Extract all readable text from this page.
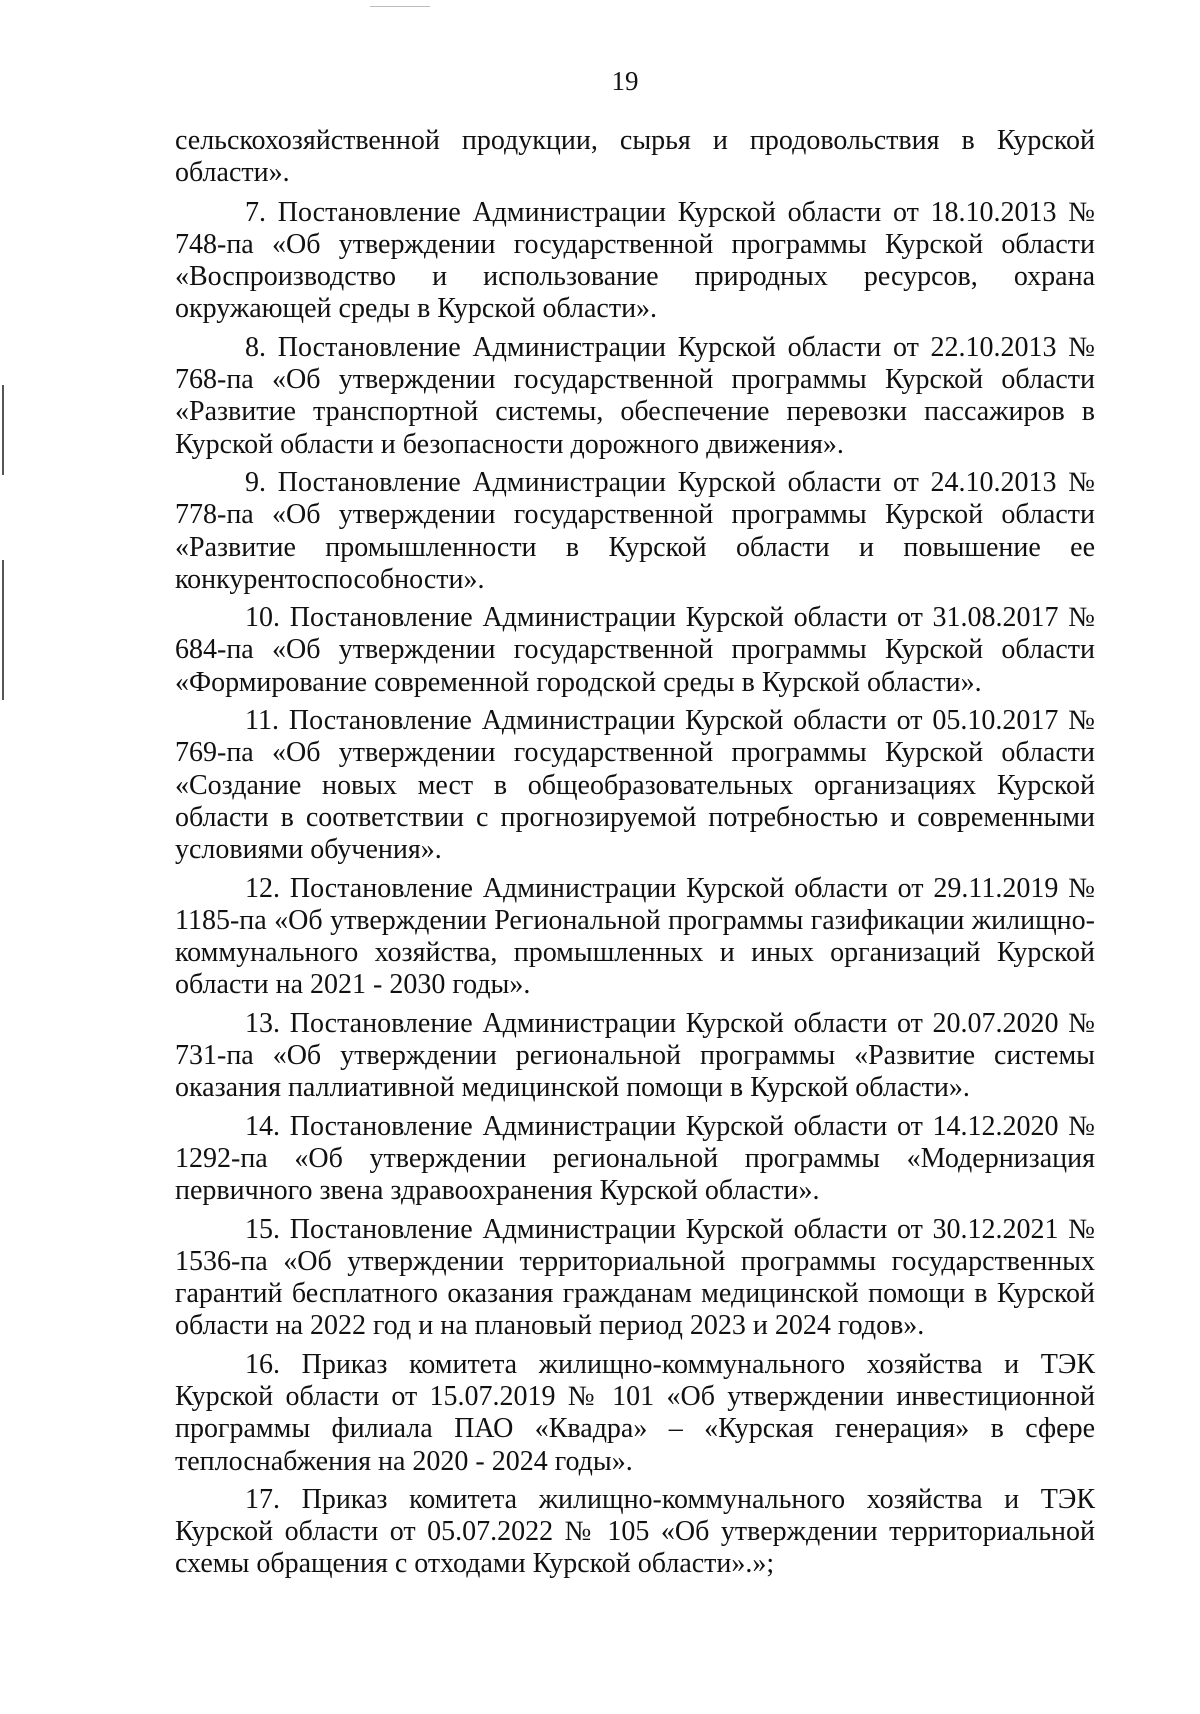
19

сельскохозяйственной продукции, сырья и продовольствия в Курской области».

7. Постановление Администрации Курской области от 18.10.2013 № 748-па «Об утверждении государственной программы Курской области «Воспроизводство и использование природных ресурсов, охрана окружающей среды в Курской области».

8. Постановление Администрации Курской области от 22.10.2013 № 768-па «Об утверждении государственной программы Курской области «Развитие транспортной системы, обеспечение перевозки пассажиров в Курской области и безопасности дорожного движения».

9. Постановление Администрации Курской области от 24.10.2013 № 778-па «Об утверждении государственной программы Курской области «Развитие промышленности в Курской области и повышение ее конкурентоспособности».

10. Постановление Администрации Курской области от 31.08.2017 № 684-па «Об утверждении государственной программы Курской области «Формирование современной городской среды в Курской области».

11. Постановление Администрации Курской области от 05.10.2017 № 769-па «Об утверждении государственной программы Курской области «Создание новых мест в общеобразовательных организациях Курской области в соответствии с прогнозируемой потребностью и современными условиями обучения».

12. Постановление Администрации Курской области от 29.11.2019 № 1185-па «Об утверждении Региональной программы газификации жилищно-коммунального хозяйства, промышленных и иных организаций Курской области на 2021 - 2030 годы».

13. Постановление Администрации Курской области от 20.07.2020 № 731-па «Об утверждении региональной программы «Развитие системы оказания паллиативной медицинской помощи в Курской области».

14. Постановление Администрации Курской области от 14.12.2020 № 1292-па «Об утверждении региональной программы «Модернизация первичного звена здравоохранения Курской области».

15. Постановление Администрации Курской области от 30.12.2021 № 1536-па «Об утверждении территориальной программы государственных гарантий бесплатного оказания гражданам медицинской помощи в Курской области на 2022 год и на плановый период 2023 и 2024 годов».

16. Приказ комитета жилищно-коммунального хозяйства и ТЭК Курской области от 15.07.2019 № 101 «Об утверждении инвестиционной программы филиала ПАО «Квадра» – «Курская генерация» в сфере теплоснабжения на 2020 - 2024 годы».

17. Приказ комитета жилищно-коммунального хозяйства и ТЭК Курской области от 05.07.2022 № 105 «Об утверждении территориальной схемы обращения с отходами Курской области».»;
